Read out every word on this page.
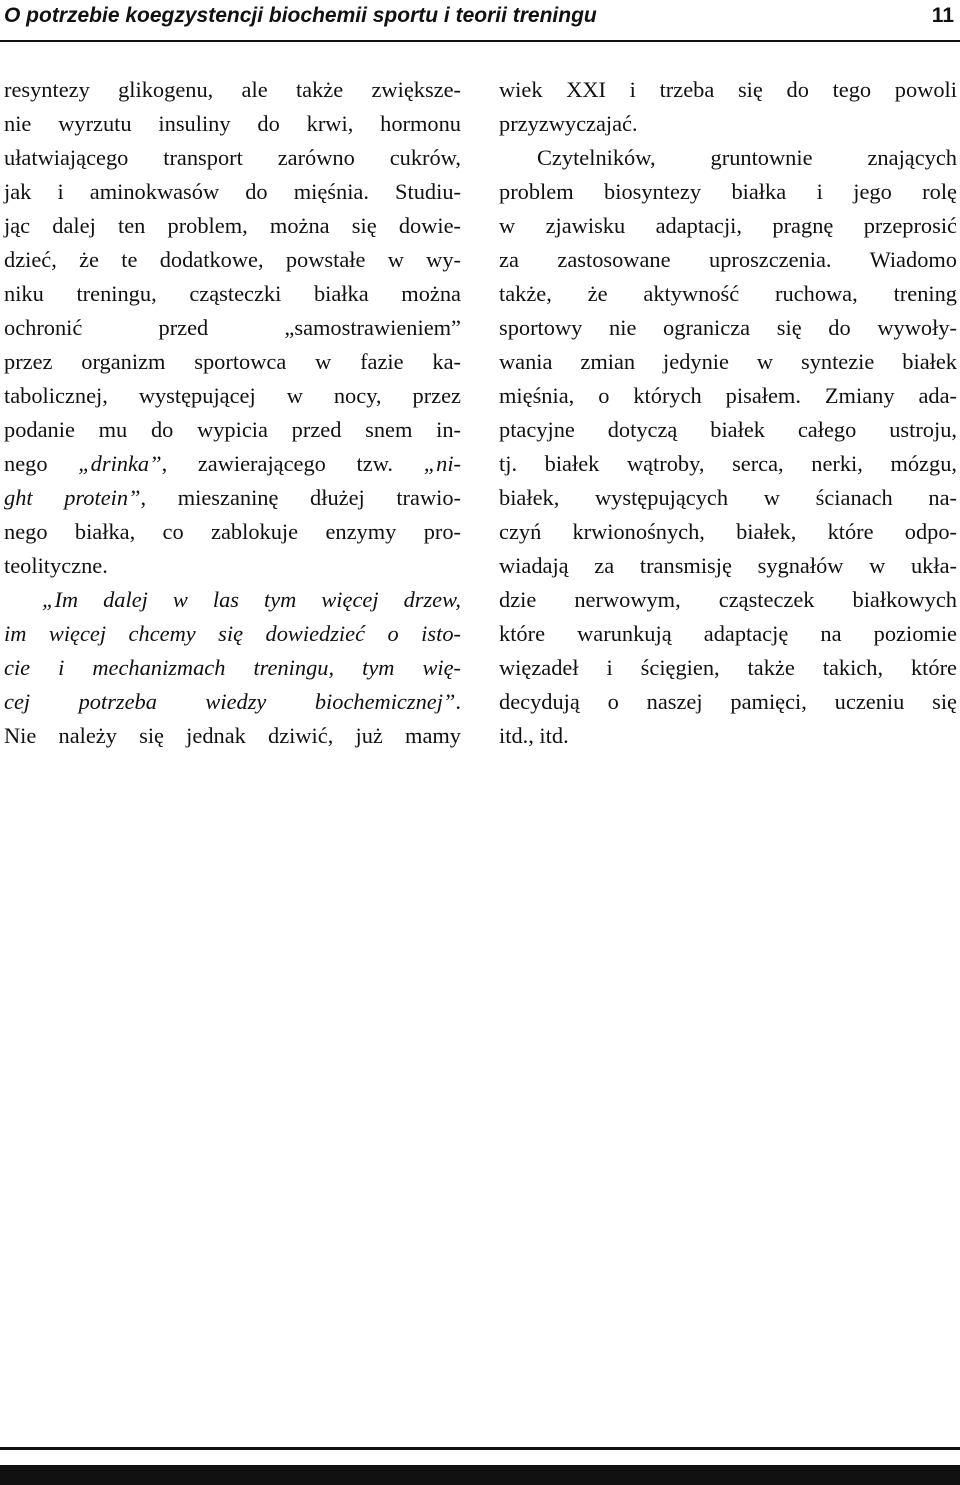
O potrzebie koegzystencji biochemii sportu i teorii treningu	11
resyntezy glikogenu, ale także zwiększe-
nie wyrzutu insuliny do krwi, hormonu
ułatwiającego transport zarówno cukrów,
jak i aminokwasów do mięśnia. Studiu-
jąc dalej ten problem, można się dowie-
dzieć, że te dodatkowe, powstałe w wy-
niku treningu, cząsteczki białka można
ochronić przed „samostrawieniem”
przez organizm sportowca w fazie ka-
tabolicznej, występującej w nocy, przez
podanie mu do wypicia przed snem in-
nego „drinka”, zawierającego tzw. „ni-
ght protein”, mieszaninę dłużej trawio-
nego białka, co zablokuje enzymy pro-
teolityczne.
„Im dalej w las tym więcej drzew,
im więcej chcemy się dowiedzieć o isto-
cie i mechanizmach treningu, tym wię-
cej potrzeba wiedzy biochemicznej”.
Nie należy się jednak dziwić, już mamy
wiek XXI i trzeba się do tego powoli
przyzwyczajać.
Czytelników, gruntownie znających
problem biosyntezy białka i jego rolę
w zjawisku adaptacji, pragnę przeprosić
za zastosowane uproszczenia. Wiadomo
także, że aktywność ruchowa, trening
sportowy nie ogranicza się do wywoły-
wania zmian jedynie w syntezie białek
mięśnia, o których pisałem. Zmiany ada-
ptacyjne dotyczą białek całego ustroju,
tj. białek wątroby, serca, nerki, mózgu,
białek, występujących w ścianach na-
czyń krwionośnych, białek, które odpo-
wiadają za transmisję sygnałów w ukła-
dzie nerwowym, cząsteczek białkowych
które warunkują adaptację na poziomie
więzadeł i ścięgien, także takich, które
decydują o naszej pamięci, uczeniu się
itd., itd.
